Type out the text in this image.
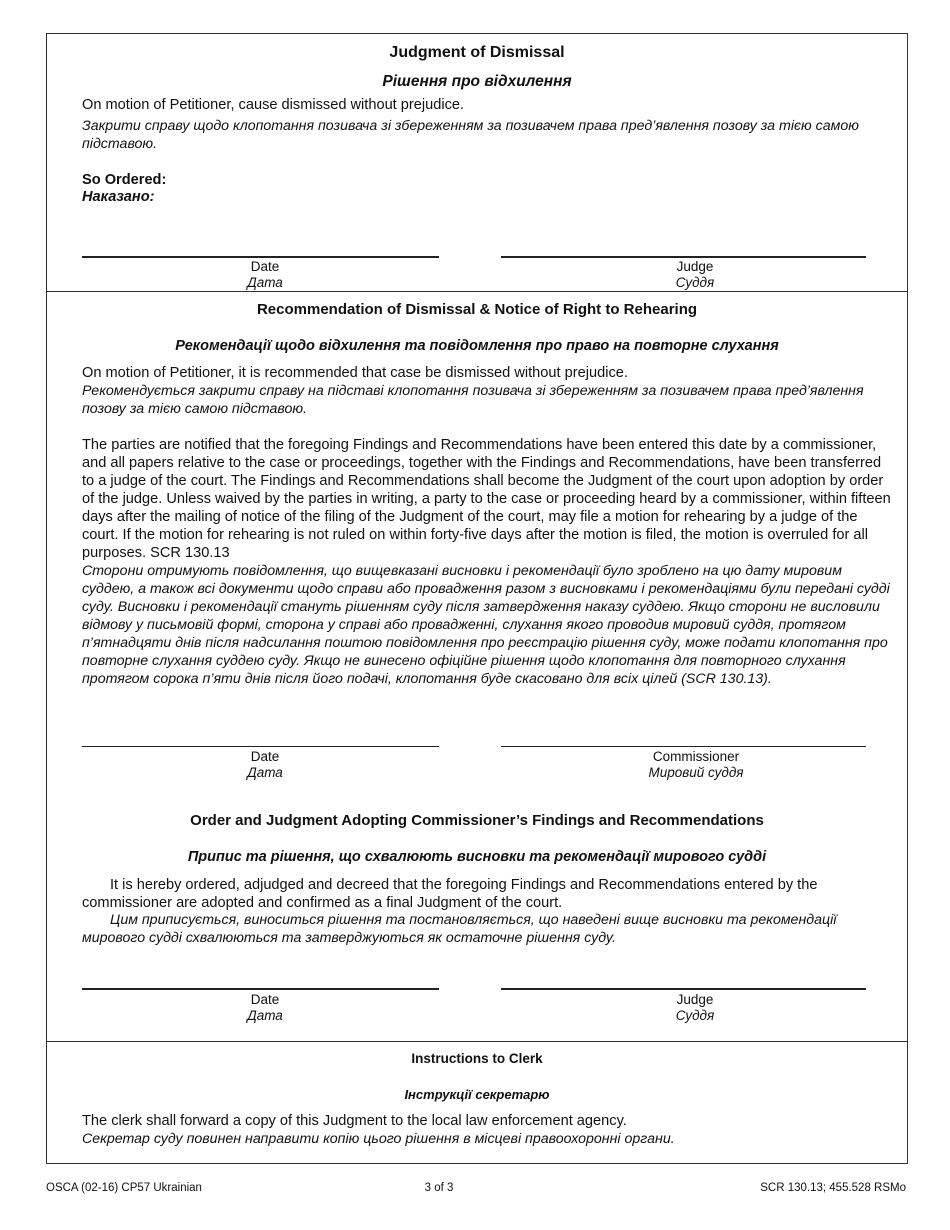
Judgment of Dismissal
Рішення про відхилення
On motion of Petitioner, cause dismissed without prejudice.
Закрити справу щодо клопотання позивача зі збереженням за позивачем права пред’явлення позову за тією самою підставою.
So Ordered:
Наказано:
Date
Дата
Judge
Суддя
Recommendation of Dismissal & Notice of Right to Rehearing
Рекомендації щодо відхилення та повідомлення про право на повторне слухання
On motion of Petitioner, it is recommended that case be dismissed without prejudice.
Рекомендується закрити справу на підставі клопотання позивача зі збереженням за позивачем права пред’явлення позову за тією самою підставою.
The parties are notified that the foregoing Findings and Recommendations have been entered this date by a commissioner, and all papers relative to the case or proceedings, together with the Findings and Recommendations, have been transferred to a judge of the court. The Findings and Recommendations shall become the Judgment of the court upon adoption by order of the judge. Unless waived by the parties in writing, a party to the case or proceeding heard by a commissioner, within fifteen days after the mailing of notice of the filing of the Judgment of the court, may file a motion for rehearing by a judge of the court. If the motion for rehearing is not ruled on within forty-five days after the motion is filed, the motion is overruled for all purposes. SCR 130.13
Сторони отримують повідомлення, що вищевказані висновки і рекомендації було зроблено на цю дату мировим суддею, а також всі документи щодо справи або провадження разом з висновками і рекомендаціями були передані судді суду. Висновки і рекомендації стануть рішенням суду після затвердження наказу суддею. Якщо сторони не висловили відмову у письмовій формі, сторона у справі або провадженні, слухання якого проводив мировий суддя, протягом п’ятнадцяти днів після надсилання поштою повідомлення про реєстрацію рішення суду, може подати клопотання про повторне слухання суддею суду. Якщо не винесено офіційне рішення щодо клопотання для повторного слухання протягом сорока п’яти днів після його подачі, клопотання буде скасовано для всіх цілей (SCR 130.13).
Date
Дата
Commissioner
Мировий суддя
Order and Judgment Adopting Commissioner’s Findings and Recommendations
Припис та рішення, що схвалюють висновки та рекомендації мирового судді
It is hereby ordered, adjudged and decreed that the foregoing Findings and Recommendations entered by the commissioner are adopted and confirmed as a final Judgment of the court.
Цим приписується, виноситься рішення та постановляється, що наведені вище висновки та рекомендації мирового судді схвалюються та затверджуються як остаточне рішення суду.
Date
Дата
Judge
Суддя
Instructions to Clerk
Інструкції секретарю
The clerk shall forward a copy of this Judgment to the local law enforcement agency.
Секретар суду повинен направити копію цього рішення в місцеві правоохоронні органи.
OSCA (02-16) CP57 Ukrainian	3 of 3	SCR 130.13; 455.528 RSMo
